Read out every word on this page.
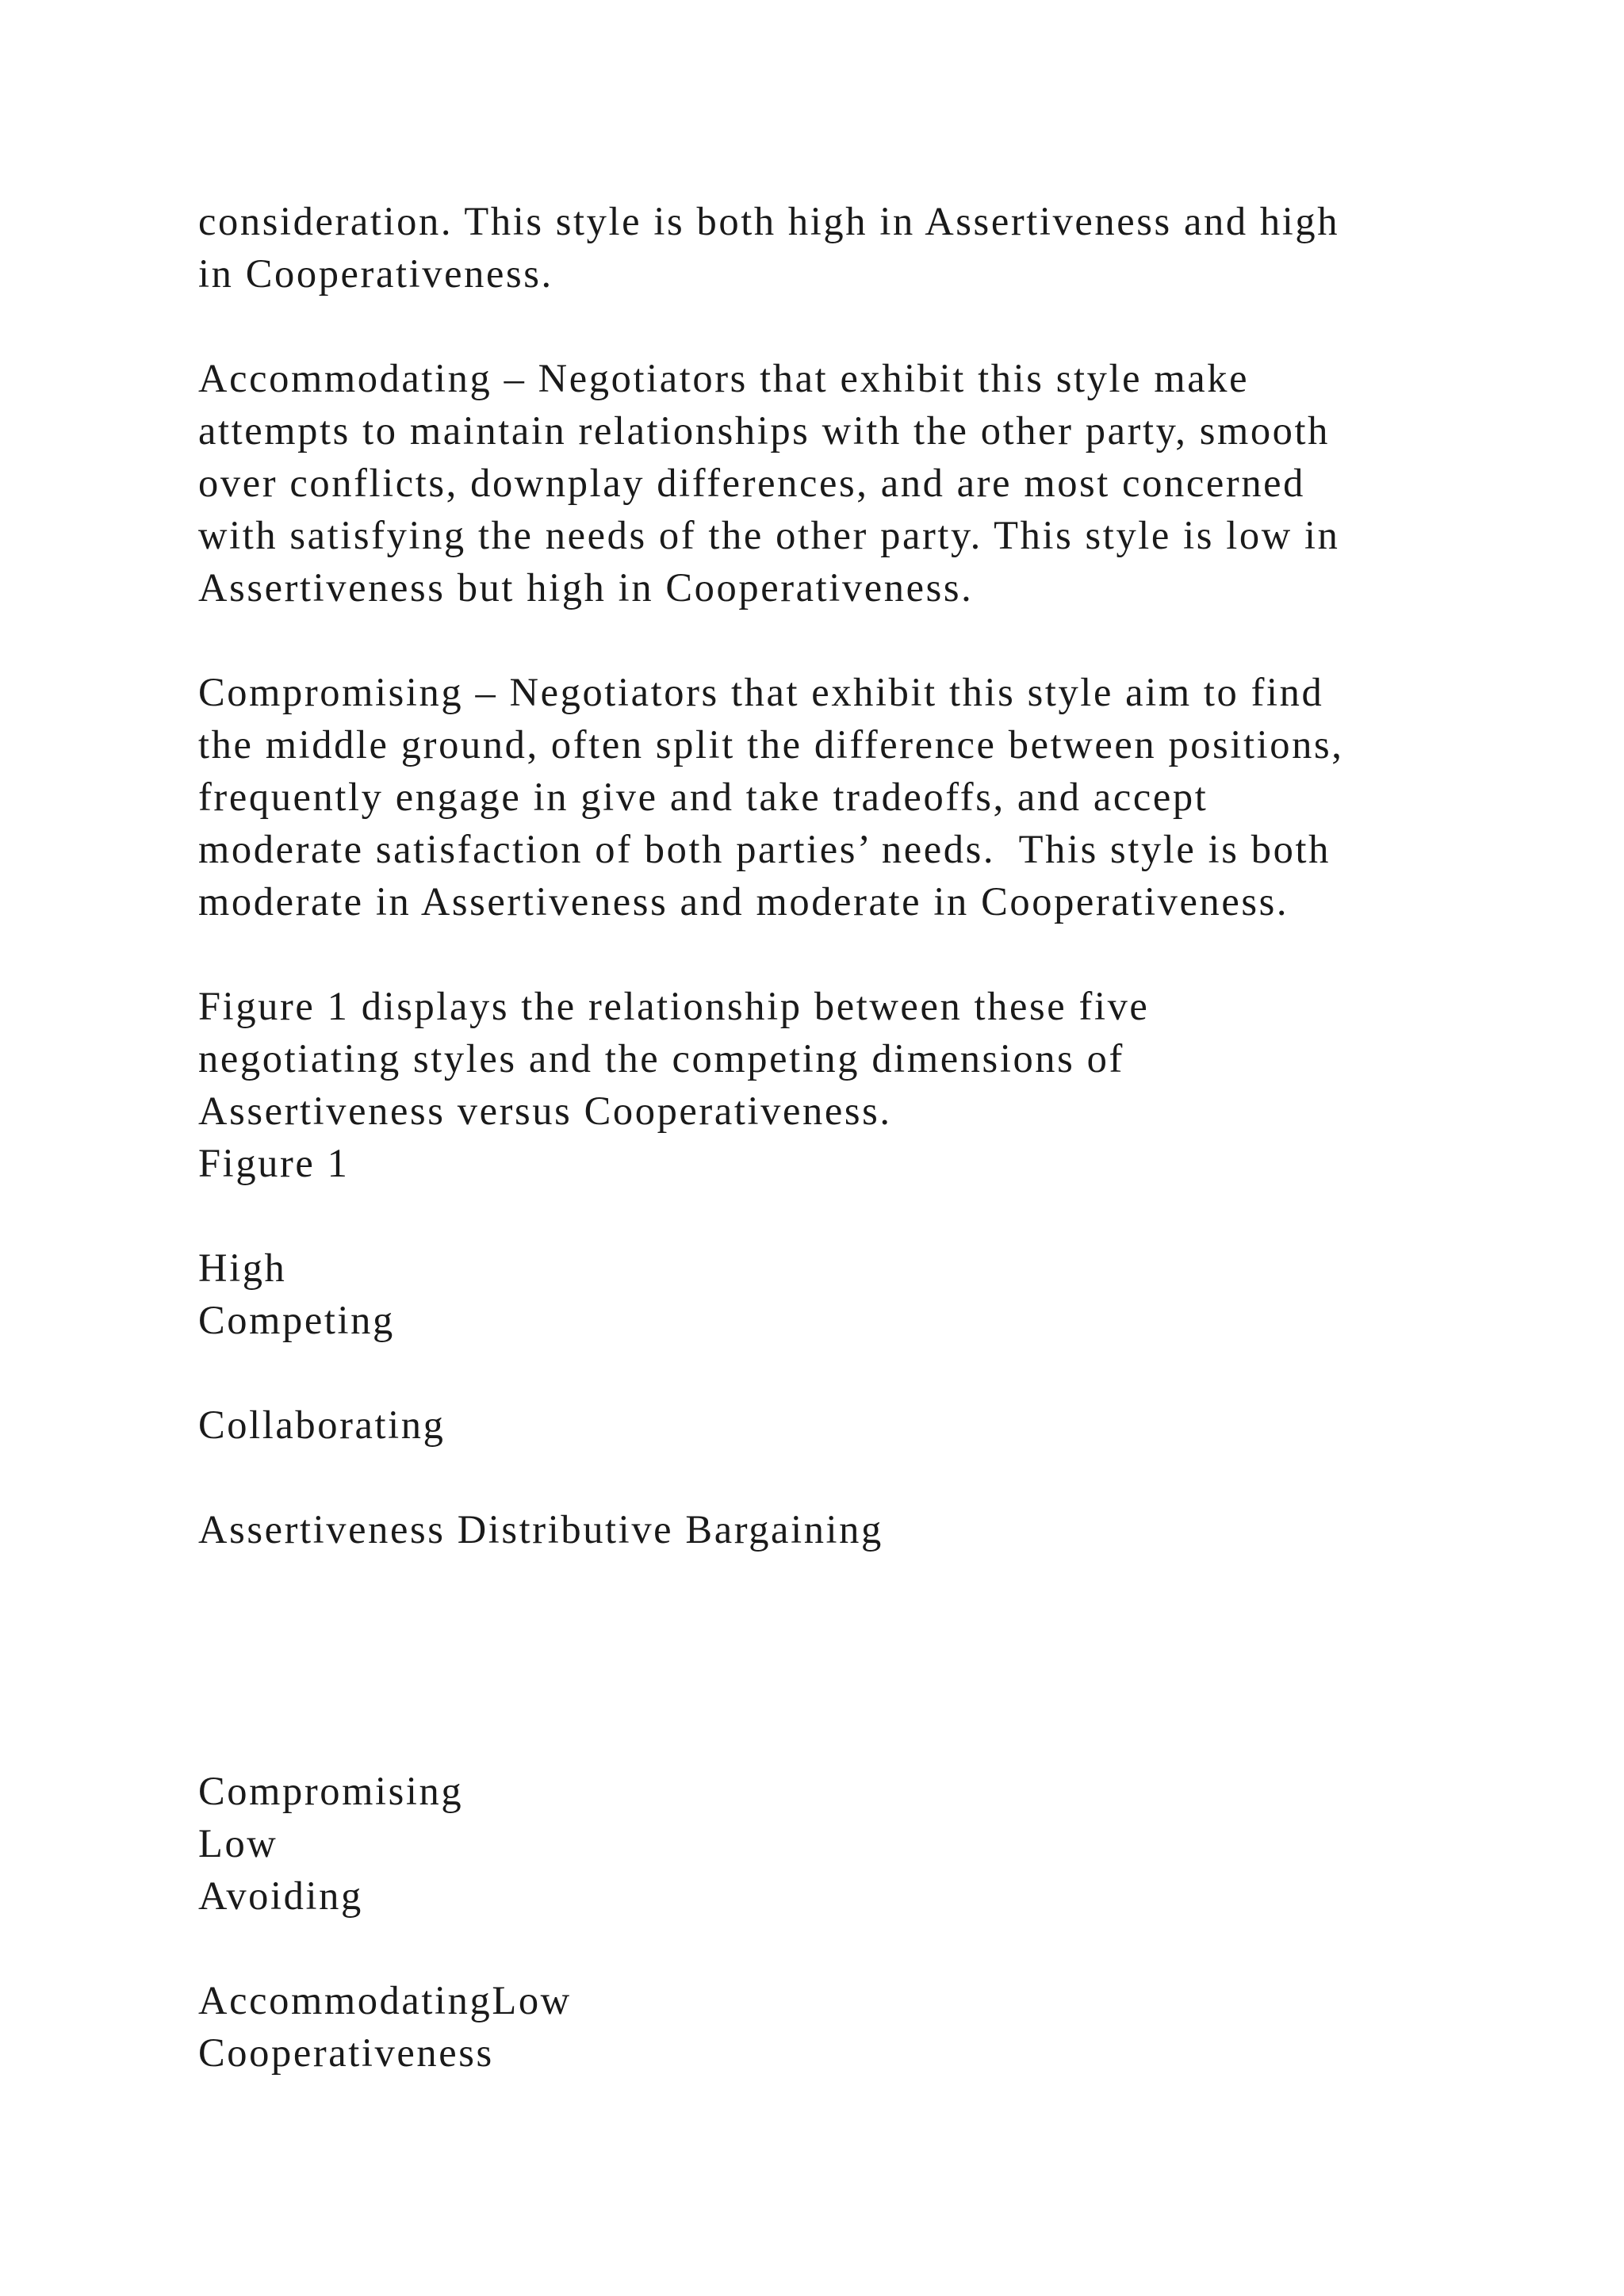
consideration. This style is both high in Assertiveness and high
in Cooperativeness.
Accommodating – Negotiators that exhibit this style make
attempts to maintain relationships with the other party, smooth
over conflicts, downplay differences, and are most concerned
with satisfying the needs of the other party. This style is low in
Assertiveness but high in Cooperativeness.
Compromising – Negotiators that exhibit this style aim to find
the middle ground, often split the difference between positions,
frequently engage in give and take tradeoffs, and accept
moderate satisfaction of both parties’ needs.  This style is both
moderate in Assertiveness and moderate in Cooperativeness.
Figure 1 displays the relationship between these five
negotiating styles and the competing dimensions of
Assertiveness versus Cooperativeness.
Figure 1
High
Competing
Collaborating
Assertiveness Distributive Bargaining
Compromising
Low
Avoiding
AccommodatingLow
Cooperativeness
